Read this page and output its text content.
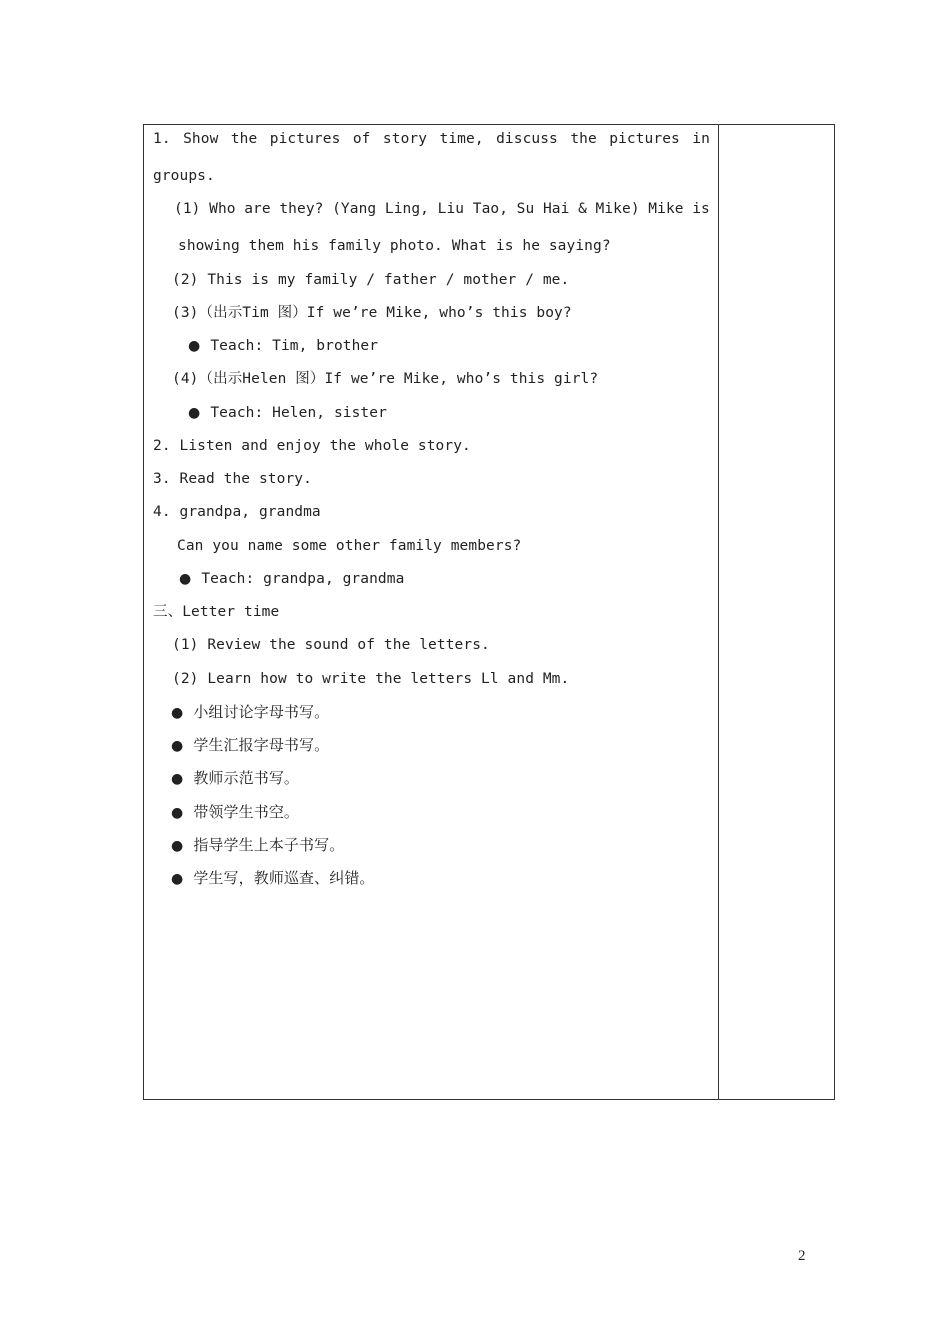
1. Show the pictures of story time, discuss the pictures in
groups.
(1) Who are they? (Yang Ling, Liu Tao, Su Hai & Mike) Mike is
showing them his family photo. What is he saying?
(2) This is my family / father / mother / me.
(3)（出示Tim 图）If we’re Mike, who’s this boy?
● Teach: Tim, brother
(4)（出示Helen 图）If we’re Mike, who’s this girl?
● Teach: Helen, sister
2. Listen and enjoy the whole story.
3. Read the story.
4. grandpa, grandma
Can you name some other family members?
● Teach: grandpa, grandma
三、Letter time
(1) Review the sound of the letters.
(2) Learn how to write the letters Ll and Mm.
● 小组讨论字母书写。
● 学生汇报字母书写。
● 教师示范书写。
● 带领学生书空。
● 指导学生上本子书写。
● 学生写，教师巡查、纠错。
2
